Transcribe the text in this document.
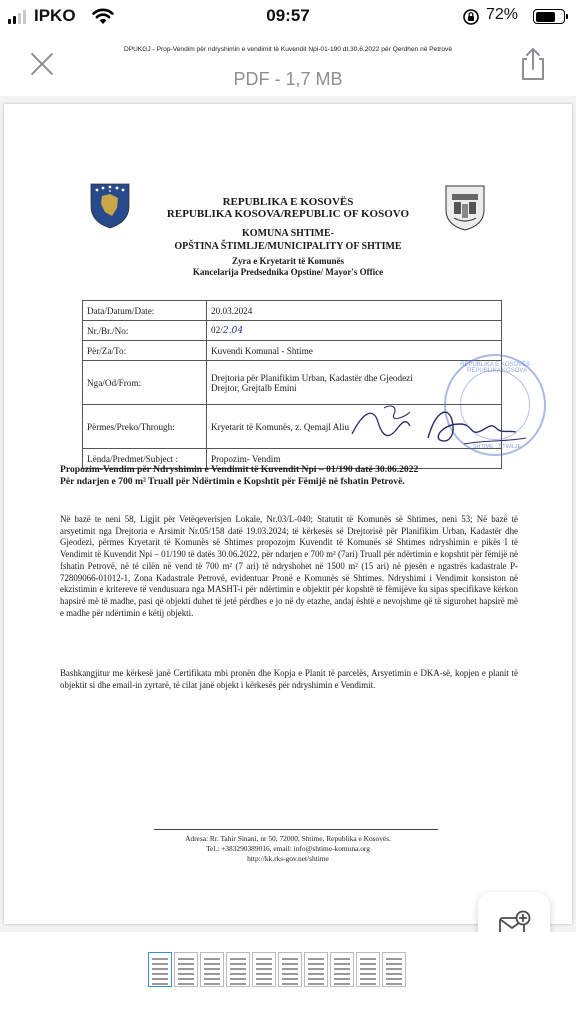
IPKO	09:57	72%
DPUKGJ - Prop-Vendim për ndryshimin e vendimit të Kuvendit Npi-01-190 dt.30.6.2022 për Qerdhen në Petrovë
PDF - 1,7 MB
REPUBLIKA E KOSOVËS
REPUBLIKA KOSOVA/REPUBLIC OF KOSOVO
KOMUNA SHTIME-
OPŠTINA ŠTIMLJE/MUNICIPALITY OF SHTIME
Zyra e Kryetarit të Komunës
Kancelarija Predsednika Opstine/ Mayor's Office
Data/Datum/Date:	20.03.2024
Nr./Br./No:	02/2.04
Për/Za/To:	Kuvendi Komunal - Shtime
Nga/Od/From:	Drejtoria për Planifikim Urban, Kadastër dhe Gjeodezi
Drejtor, Grejtalb Emini

Përmes/Preko/Through:	Kryetarit të Komunës, z. Qemajl Aliu
Lënda/Predmet/Subject :	Propozim- Vendim
REPUBLIKA E KOSOVËS · REPUBLIKA KOSOVA
SHTIME · ŠTIMLJE
Propozim-Vendim për Ndryshimin e Vendimit të Kuvendit Npi – 01/190 datë 30.06.2022
Për ndarjen e 700 m² Truall për Ndërtimin e Kopshtit për Fëmijë në fshatin Petrovë.
Në bazë te neni 58, Ligjit për Vetëqeverisjen Lokale, Nr.03/L-040; Statutit të Komunës së Shtimes, neni 53; Në bazë të arsyetimit nga Drejtoria e Arsimit Nr.05/158 datë 19.03.2024; të kërkesës së Drejtorisë për Planifikim Urban, Kadastër dhe Gjeodezi, përmes Kryetarit të Komunës së Shtimes propozojm Kuvendit të Komunës së Shtimes ndryshimin e pikës I të Vendimit të Kuvendit Npi – 01/190 të datës 30.06.2022, për ndarjen e 700 m² (7ari) Truall për ndërtimin e kopshtit për fëmijë në fshatin Petrovë, në të cilën në vend të 700 m² (7 ari) të ndryshohet në 1500 m² (15 ari) në pjesën e ngastrës kadastrale P-72809066-01012-1, Zona Kadastrale Petrovë, evidentuar Pronë e Komunës së Shtimes. Ndryshimi i Vendimit konsiston në ekzistimin e kritereve të vendusuara nga MASHT-i për ndërtimin e objektit për kopshtë të fëmijëve ku sipas specifikave kërkon hapsirë më të madhe, pasi që objekti duhet të jetë përdhes e jo në dy etazhe, andaj është e nevojshme që të sigurohet hapsirë më e madhe për ndërtimin e këtij objekti.
Bashkangjitur me kërkesë janë Certifikata mbi pronën dhe Kopja e Planit të parcelës, Arsyetimin e DKA-së, kopjen e planit të objektit si dhe email-in zyrtarë, të cilat janë objekt i kërkesës për ndryshimin e Vendimit.
Adresa: Rr. Tahir Sinani, nr 50, 72000, Shtime, Republika e Kosovës.
Tel.: +38329038901​6, email: info@shtime-komuna.org
http://kk.rks-gov.net/shtime
